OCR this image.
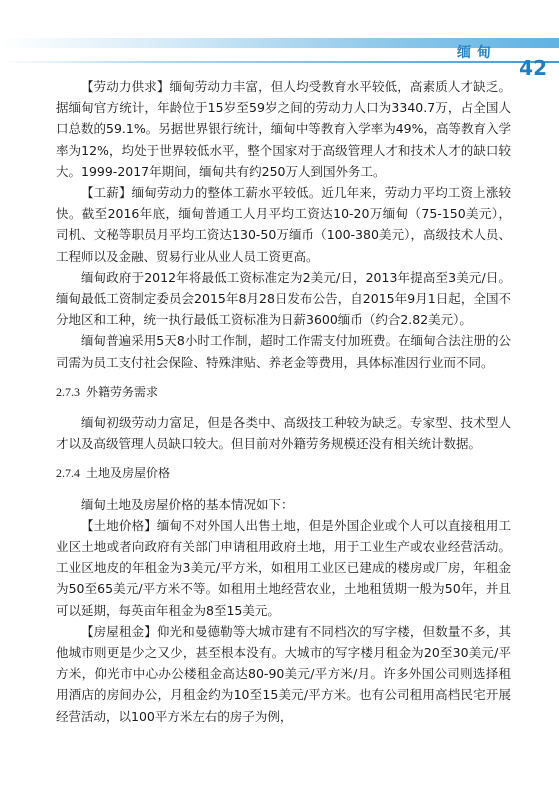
缅甸
42

【劳动力供求】缅甸劳动力丰富，但人均受教育水平较低，高素质人才缺乏。据缅甸官方统计，年龄位于15岁至59岁之间的劳动力人口为3340.7万，占全国人口总数的59.1%。另据世界银行统计，缅甸中等教育入学率为49%，高等教育入学率为12%，均处于世界较低水平，整个国家对于高级管理人才和技术人才的缺口较大。1999-2017年期间，缅甸共有约250万人到国外务工。

【工薪】缅甸劳动力的整体工薪水平较低。近几年来，劳动力平均工资上涨较快。截至2016年底，缅甸普通工人月平均工资达10-20万缅甸（75-150美元），司机、文秘等职员月平均工资达130-50万缅币（100-380美元），高级技术人员、工程师以及金融、贸易行业从业人员工资更高。

缅甸政府于2012年将最低工资标准定为2美元/日，2013年提高至3美元/日。缅甸最低工资制定委员会2015年8月28日发布公告，自2015年9月1日起，全国不分地区和工种，统一执行最低工资标准为日薪3600缅币（约合2.82美元）。

缅甸普遍采用5天8小时工作制，超时工作需支付加班费。在缅甸合法注册的公司需为员工支付社会保险、特殊津贴、养老金等费用，具体标准因行业而不同。

2.7.3 外籍劳务需求

缅甸初级劳动力富足，但是各类中、高级技工种较为缺乏。专家型、技术型人才以及高级管理人员缺口较大。但目前对外籍劳务规模还没有相关统计数据。

2.7.4 土地及房屋价格

缅甸土地及房屋价格的基本情况如下：

【土地价格】缅甸不对外国人出售土地，但是外国企业或个人可以直接租用工业区土地或者向政府有关部门申请租用政府土地，用于工业生产或农业经营活动。工业区地皮的年租金为3美元/平方米，如租用工业区已建成的楼房或厂房，年租金为50至65美元/平方米不等。如租用土地经营农业，土地租赁期一般为50年，并且可以延期，每英亩年租金为8至15美元。

【房屋租金】仰光和曼德勒等大城市建有不同档次的写字楼，但数量不多，其他城市则更是少之又少，甚至根本没有。大城市的写字楼月租金为20至30美元/平方米，仰光市中心办公楼租金高达80-90美元/平方米/月。许多外国公司则选择租用酒店的房间办公，月租金约为10至15美元/平方米。也有公司租用高档民宅开展经营活动，以100平方米左右的房子为例，
